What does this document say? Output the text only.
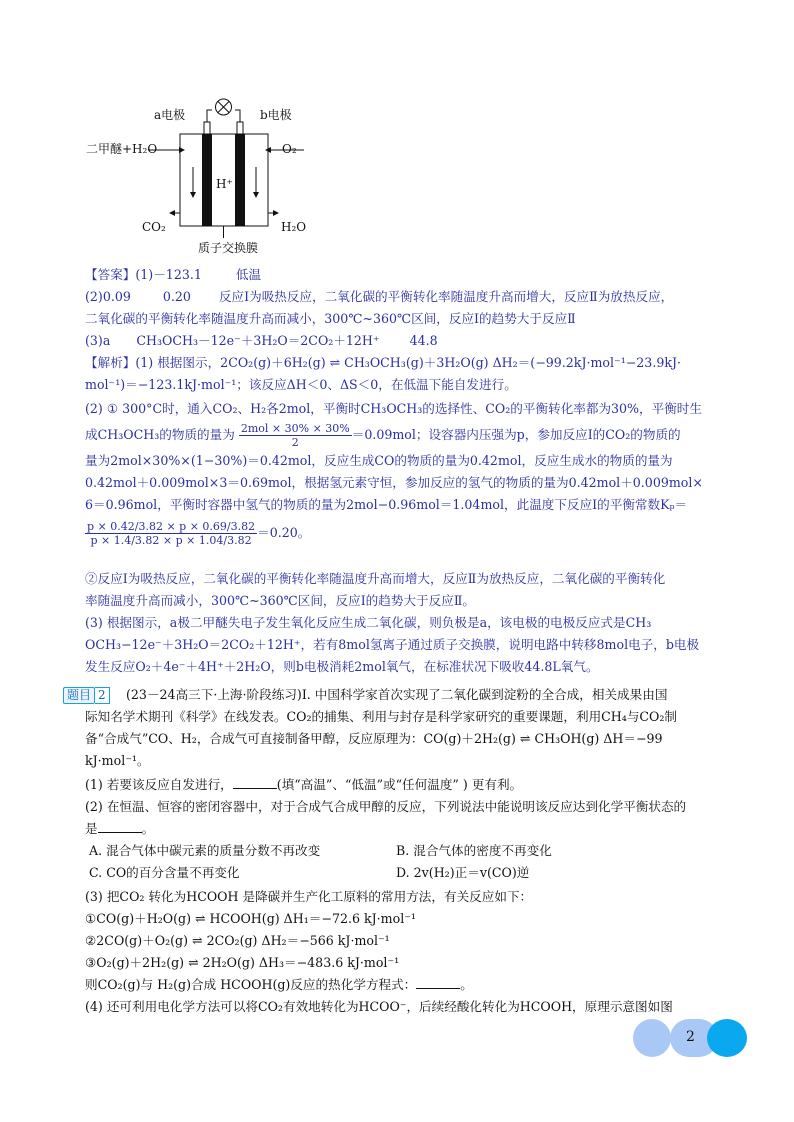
a电极	b电极
二甲醚+H₂O	O₂
H⁺
CO₂	H₂O
质子交换膜
【答案】(1)－123.1	低温
(2)0.09	0.20 反应Ⅰ为吸热反应，二氧化碳的平衡转化率随温度升高而增大，反应Ⅱ为放热反应，
二氧化碳的平衡转化率随温度升高而减小，300℃~360℃区间，反应Ⅰ的趋势大于反应Ⅱ
(3)a CH₃OCH₃－12e⁻＋3H₂O＝2CO₂＋12H⁺ 44.8
【解析】(1) 根据图示，2CO₂(g)＋6H₂(g) ⇌ CH₃OCH₃(g)＋3H₂O(g) ΔH₂＝(−99.2kJ·mol⁻¹−23.9kJ·
mol⁻¹)＝−123.1kJ·mol⁻¹；该反应ΔH＜0、ΔS＜0，在低温下能自发进行。
(2) ① 300°C时，通入CO₂、H₂各2mol，平衡时CH₃OCH₃的选择性、CO₂的平衡转化率都为30%，平衡时生
成CH₃OCH₃的物质的量为 $\frac{\text{2mol × 30\% × 30\%}}{2} =0.09mol$；设容器内压强为p，参加反应Ⅰ的CO₂的物质的
量为2mol×30%×(1−30%)＝0.42mol，反应生成CO的物质的量为0.42mol，反应生成水的物质的量为
0.42mol＋0.009mol×3＝0.69mol，根据氢元素守恒，参加反应的氢气的物质的量为0.42mol＋0.009mol×
6＝0.96mol，平衡时容器中氢气的物质的量为2mol−0.96mol＝1.04mol，此温度下反应Ⅰ的平衡常数Kₚ＝
$\frac{p \times 0.42/3.82 \times p \times 0.69/3.82}{p \times 1.4/3.82 \times p \times 1.04/3.82} =0.20$。
②反应Ⅰ为吸热反应，二氧化碳的平衡转化率随温度升高而增大，反应Ⅱ为放热反应，二氧化碳的平衡转化
率随温度升高而减小，300℃~360℃区间，反应Ⅰ的趋势大于反应Ⅱ。
(3) 根据图示，a极二甲醚失电子发生氧化反应生成二氧化碳，则负极是a，该电极的电极反应式是CH₃
OCH₃−12e⁻＋3H₂O＝2CO₂＋12H⁺，若有8mol氢离子通过质子交换膜，说明电路中转移8mol电子，b电极
发生反应O₂＋4e⁻＋4H⁺＋2H₂O，则b电极消耗2mol氧气，在标准状况下吸收44.8L氧气。
题目 2	(23－24高三下·上海·阶段练习)Ⅰ. 中国科学家首次实现了二氧化碳到淀粉的全合成，相关成果由国
际知名学术期刊《科学》在线发表。CO₂的捕集、利用与封存是科学家研究的重要课题，利用CH₄与CO₂制
备“合成气”CO、H₂，合成气可直接制备甲醇，反应原理为：CO(g)＋2H₂(g) ⇌ CH₃OH(g) ΔH＝−99
kJ·mol⁻¹。
(1) 若要该反应自发进行，	(填“高温”、“低温”或“任何温度” ) 更有利。
(2) 在恒温、恒容的密闭容器中，对于合成气合成甲醇的反应，下列说法中能说明该反应达到化学平衡状态的
是	。
A. 混合气体中碳元素的质量分数不再改变	B. 混合气体的密度不再变化
C. CO的百分含量不再变化	D. 2v(H₂)正＝v(CO)逆
(3) 把CO₂ 转化为HCOOH 是降碳并生产化工原料的常用方法，有关反应如下：
①CO(g)＋H₂O(g) ⇌ HCOOH(g) ΔH₁＝−72.6 kJ·mol⁻¹
②2CO(g)＋O₂(g) ⇌ 2CO₂(g) ΔH₂＝−566 kJ·mol⁻¹
③O₂(g)＋2H₂(g) ⇌ 2H₂O(g) ΔH₃＝−483.6 kJ·mol⁻¹
则CO₂(g)与 H₂(g)合成 HCOOH(g)反应的热化学方程式：	。
(4) 还可利用电化学方法可以将CO₂有效地转化为HCOO⁻，后续经酸化转化为HCOOH，原理示意图如图
2
